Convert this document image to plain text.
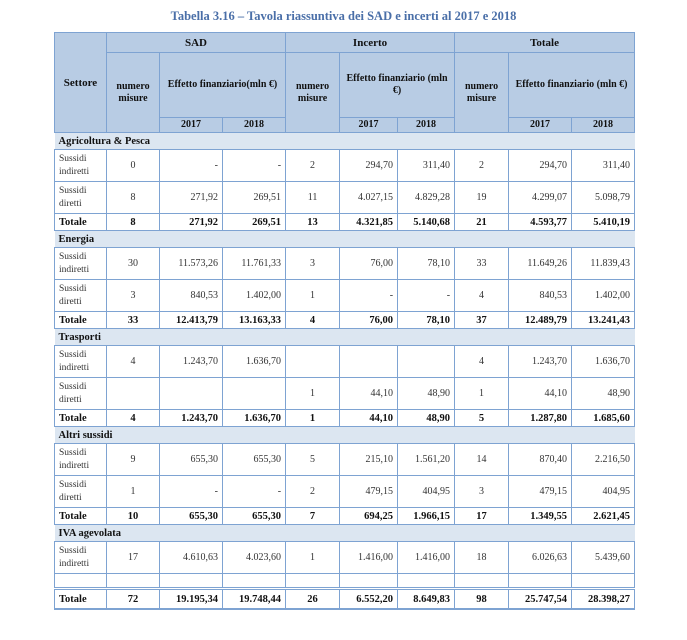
Tabella 3.16 – Tavola riassuntiva dei SAD e incerti al 2017 e 2018
Settore	SAD			Incerto			Totale		
	numero misure	Effetto finanziario(mln €)		numero misure	Effetto finanziario (mln €)		numero misure	Effetto finanziario (mln €)	
		2017	2018		2017	2018		2017	2018
Agricoltura & Pesca									
Sussidi indiretti	0	-	-	2	294,70	311,40	2	294,70	311,40
Sussidi diretti	8	271,92	269,51	11	4.027,15	4.829,28	19	4.299,07	5.098,79
Totale	8	271,92	269,51	13	4.321,85	5.140,68	21	4.593,77	5.410,19
Energia									
Sussidi indiretti	30	11.573,26	11.761,33	3	76,00	78,10	33	11.649,26	11.839,43
Sussidi diretti	3	840,53	1.402,00	1	-	-	4	840,53	1.402,00
Totale	33	12.413,79	13.163,33	4	76,00	78,10	37	12.489,79	13.241,43
Trasporti									
Sussidi indiretti	4	1.243,70	1.636,70				4	1.243,70	1.636,70
Sussidi diretti				1	44,10	48,90	1	44,10	48,90
Totale	4	1.243,70	1.636,70	1	44,10	48,90	5	1.287,80	1.685,60
Altri sussidi									
Sussidi indiretti	9	655,30	655,30	5	215,10	1.561,20	14	870,40	2.216,50
Sussidi diretti	1	-	-	2	479,15	404,95	3	479,15	404,95
Totale	10	655,30	655,30	7	694,25	1.966,15	17	1.349,55	2.621,45
IVA agevolata									
Sussidi indiretti	17	4.610,63	4.023,60	1	1.416,00	1.416,00	18	6.026,63	5.439,60

Totale	72	19.195,34	19.748,44	26	6.552,20	8.649,83	98	25.747,54	28.398,27
